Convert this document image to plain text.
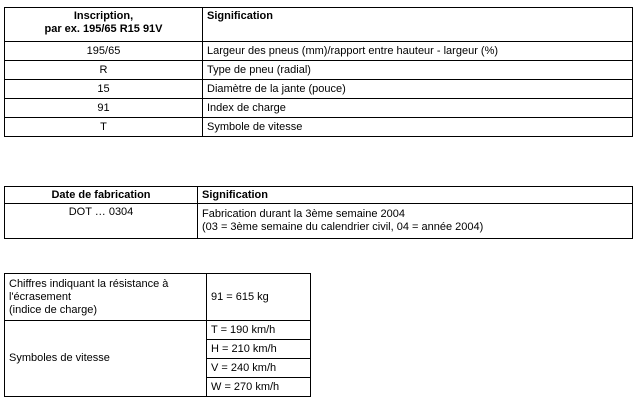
Inscription,
par ex. 195/65 R15 91V	Signification
195/65	Largeur des pneus (mm)/rapport entre hauteur - largeur (%)
R	Type de pneu (radial)
15	Diamètre de la jante (pouce)
91	Index de charge
T	Symbole de vitesse
Date de fabrication	Signification
DOT … 0304	Fabrication durant la 3ème semaine 2004
(03 = 3ème semaine du calendrier civil, 04 = année 2004)
Chiffres indiquant la résistance à
l'écrasement
(indice de charge)	91 = 615 kg
Symboles de vitesse	T = 190 km/h
H = 210 km/h
V = 240 km/h
W = 270 km/h
